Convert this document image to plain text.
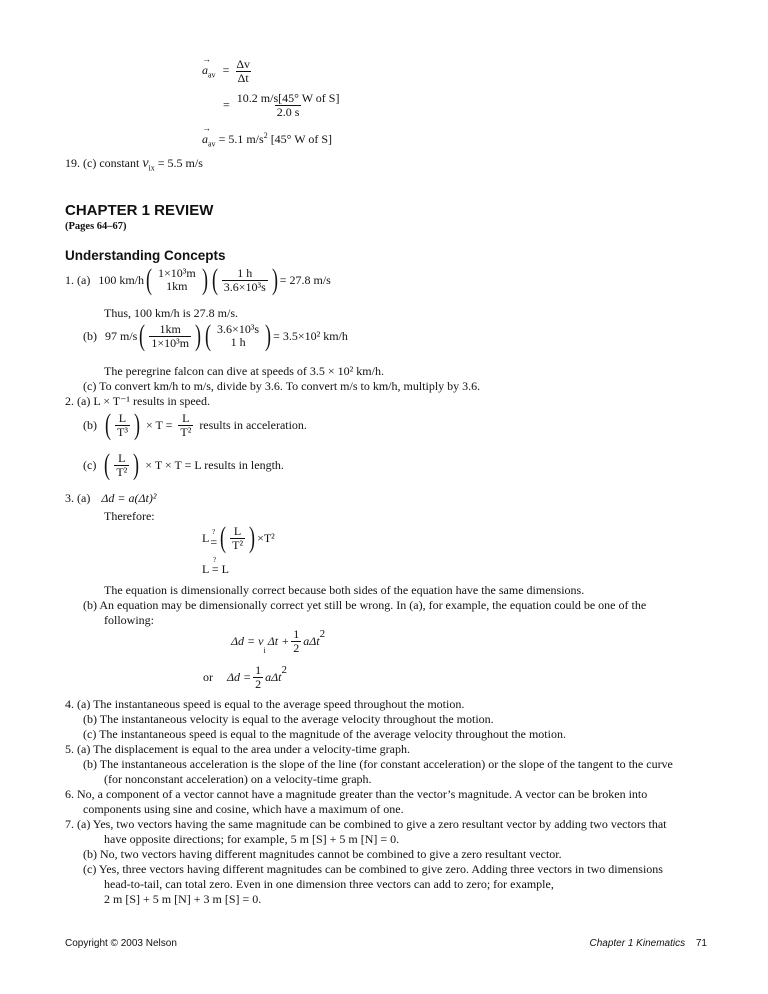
→ $a_{av} = \frac{\Delta v}{\Delta t}$
= $\frac{\text{10.2 m/s[45° W of S]}}{2.0 s}$
→ $a_{av} = 5.1$ $m/s^2$ [45° W of S]
19. (c) constant $v_{ix} = 5.5$ m/s
CHAPTER 1 REVIEW
(Pages 64–67)
Understanding Concepts
1. (a) 100 km/h ( 1×10³m
1km ) ( $\frac{1 h}{\text{3.6×10³s}}$ ) = 27.8 m/s
Thus, 100 km/h is 27.8 m/s.
(b) 97 m/s ( $\frac{1km}{\text{1×10³m}}$ ) ( 3.6×10³s
1 h ) = 3.5×10² km/h
The peregrine falcon can dive at speeds of 3.5 × 10² km/h.
(c) To convert km/h to m/s, divide by 3.6. To convert m/s to km/h, multiply by 3.6.
2. (a) L × T⁻¹ results in speed.
(b) ( $\frac{L}{\text{T³}}$ ) × $T = \frac{L}{\text{T²}}$ results in acceleration.
(c) ( $\frac{L}{\text{T²}}$ ) × T × T = L results in length.
3. (a) Δd = a(Δt)²
Therefore:
L ?
= ( $\frac{L}{\text{T²}}$ ) ×T²
?
L = L
The equation is dimensionally correct because both sides of the equation have the same dimensions.
(b) An equation may be dimensionally correct yet still be wrong. In (a), for example, the equation could be one of the
following:
Δd = v
$_i$
$\Delta t + \frac{1}{2}$ aΔt 2
or $\Delta d = \frac{1}{2}$ aΔt 2
4. (a) The instantaneous speed is equal to the average speed throughout the motion.
(b) The instantaneous velocity is equal to the average velocity throughout the motion.
(c) The instantaneous speed is equal to the magnitude of the average velocity throughout the motion.
5. (a) The displacement is equal to the area under a velocity-time graph.
(b) The instantaneous acceleration is the slope of the line (for constant acceleration) or the slope of the tangent to the curve
(for nonconstant acceleration) on a velocity-time graph.
6. No, a component of a vector cannot have a magnitude greater than the vector’s magnitude. A vector can be broken into
components using sine and cosine, which have a maximum of one.
7. (a) Yes, two vectors having the same magnitude can be combined to give a zero resultant vector by adding two vectors that
have opposite directions; for example, 5 m [S] + 5 m [N] = 0.
(b) No, two vectors having different magnitudes cannot be combined to give a zero resultant vector.
(c) Yes, three vectors having different magnitudes can be combined to give zero. Adding three vectors in two dimensions
head-to-tail, can total zero. Even in one dimension three vectors can add to zero; for example,
2 m [S] + 5 m [N] + 3 m [S] = 0.
Copyright © 2003 Nelson	Chapter 1 Kinematics 71
